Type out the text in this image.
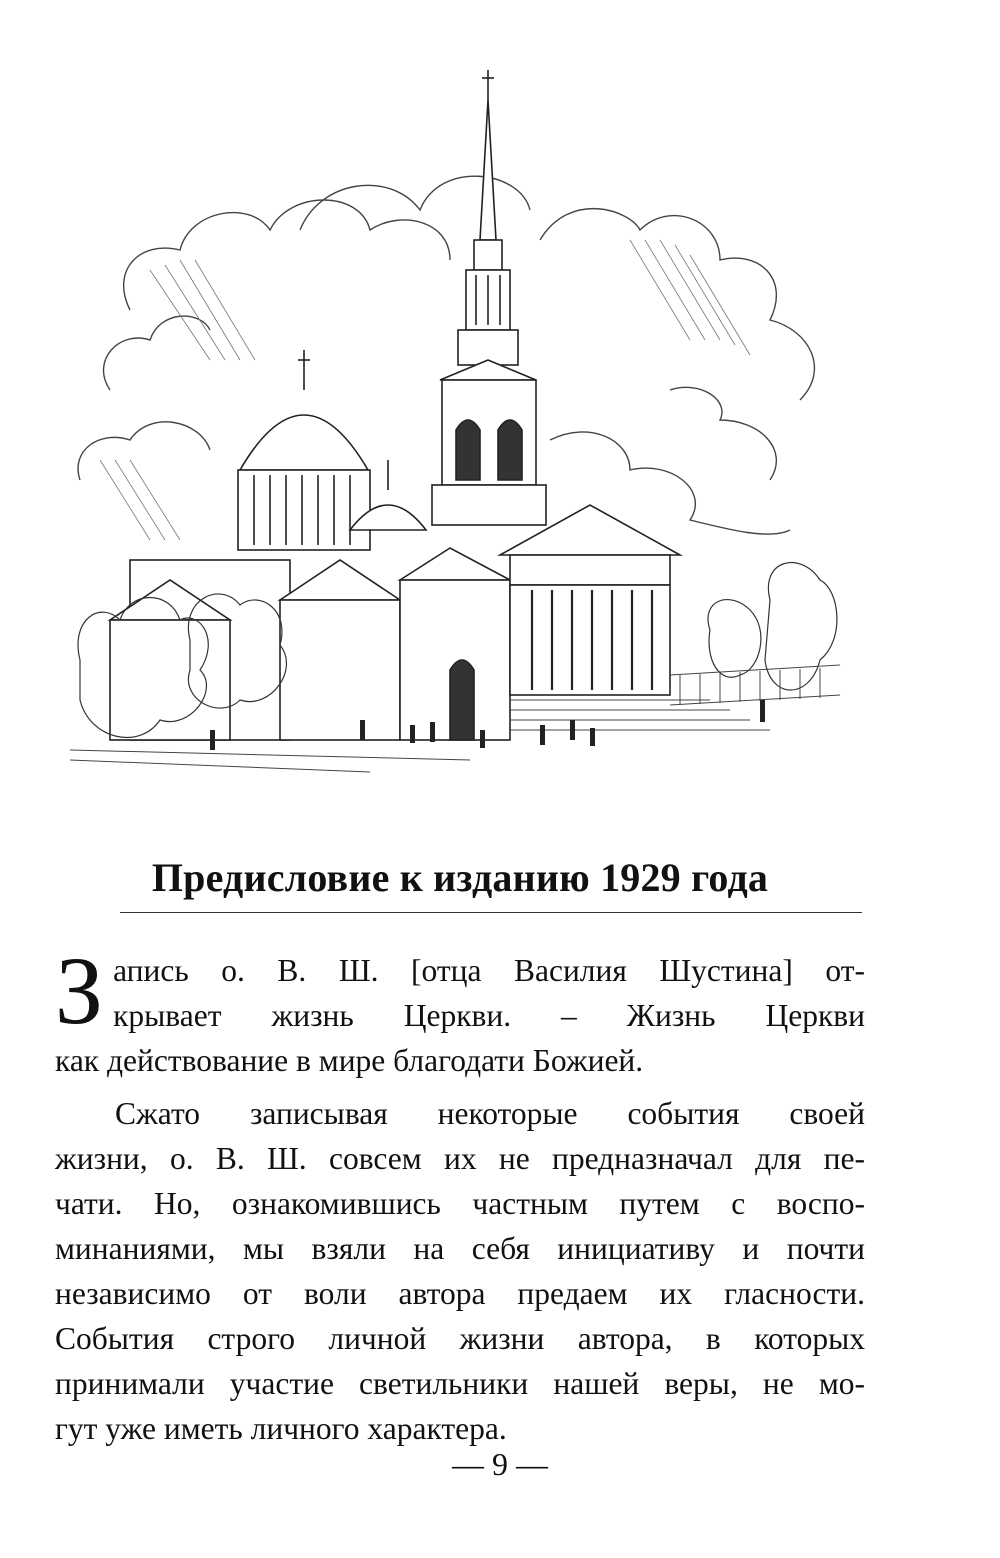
Предисловие к изданию 1929 года

З апись о. В. Ш. [отца Василия Шустина] от-
крывает жизнь Церкви. – Жизнь Церкви
как действование в мире благодати Божией.

Сжато записывая некоторые события своей
жизни, о. В. Ш. совсем их не предназначал для пе-
чати. Но, ознакомившись частным путем с воспо-
минаниями, мы взяли на себя инициативу и почти
независимо от воли автора предаем их гласности.
События строго личной жизни автора, в которых
принимали участие светильники нашей веры, не мо-
гут уже иметь личного характера.

— 9 —
